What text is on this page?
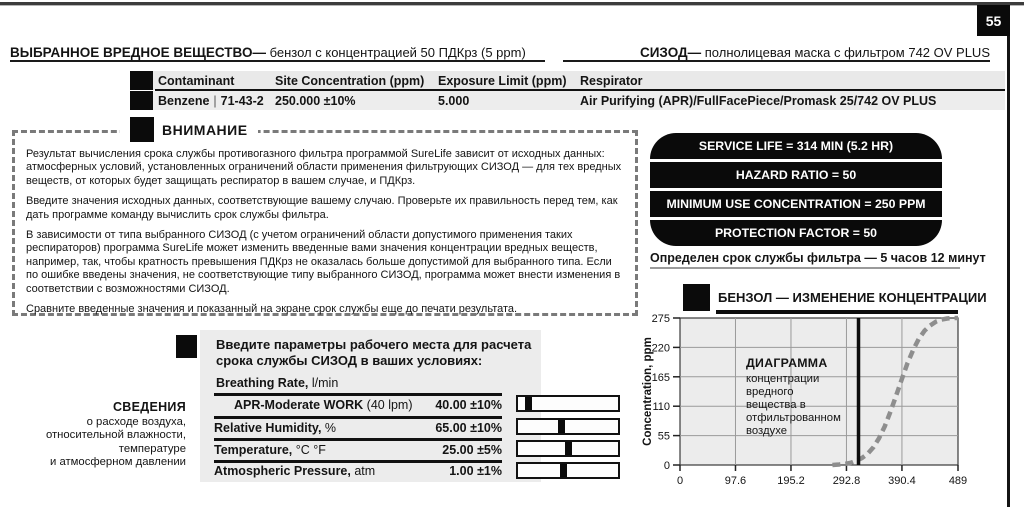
55
ВЫБРАННОЕ ВРЕДНОЕ ВЕЩЕСТВО— бензол с концентрацией 50 ПДКрз (5 ppm)	СИЗОД— полнолицевая маска с фильтром 742 OV PLUS
Contaminant	Site Concentration (ppm)	Exposure Limit (ppm)	Respirator
Benzene | 71-43-2 250.000 ±10%	5.000	Air Purifying (APR)/FullFacePiece/Promask 25/742 OV PLUS
ВНИМАНИЕ

Результат вычисления срока службы противогазного фильтра программой SureLife зависит от исходных данных: атмосферных условий, установленных ограничений области применения фильтрующих СИЗОД — для тех вредных веществ, от которых будет защищать респиратор в вашем случае, и ПДКрз.

Введите значения исходных данных, соответствующие вашему случаю. Проверьте их правильность перед тем, как дать программе команду вычислить срок службы фильтра.

В зависимости от типа выбранного СИЗОД (с учетом ограничений области допустимого применения таких респираторов) программа SureLife может изменить введенные вами значения концентрации вредных веществ, например, так, чтобы кратность превышения ПДКрз не оказалась больше допустимой для выбранного типа. Если по ошибке введены значения, не соответствующие типу выбранного СИЗОД, программа может внести изменения в соответствии с возможностями СИЗОД.

Сравните введенные значения и показанный на экране срок службы еще до печати результата.

SERVICE LIFE = 314 MIN (5.2 HR)
HAZARD RATIO = 50
MINIMUM USE CONCENTRATION = 250 PPM
PROTECTION FACTOR = 50
Определен срок службы фильтра — 5 часов 12 минут
БЕНЗОЛ — ИЗМЕНЕНИЕ КОНЦЕНТРАЦИИ
0	97.6	195.2	292.8	390.4	489
0
55
110
165
220
275
Concentration, ppm	ДИАГРАММА
концентрации
вредного
вещества в
отфильтрованном
воздухе
Введите параметры рабочего места для расчета срока службы СИЗОД в ваших условиях:
Breathing Rate, l/min
APR-Moderate WORK (40 lpm) 40.00 ±10%
Relative Humidity, %	65.00 ±10%
Temperature, °C °F	25.00 ±5%
Atmospheric Pressure, atm	1.00 ±1%
СВЕДЕНИЯ
о расходе воздуха,
относительной влажности,
температуре
и атмосферном давлении
